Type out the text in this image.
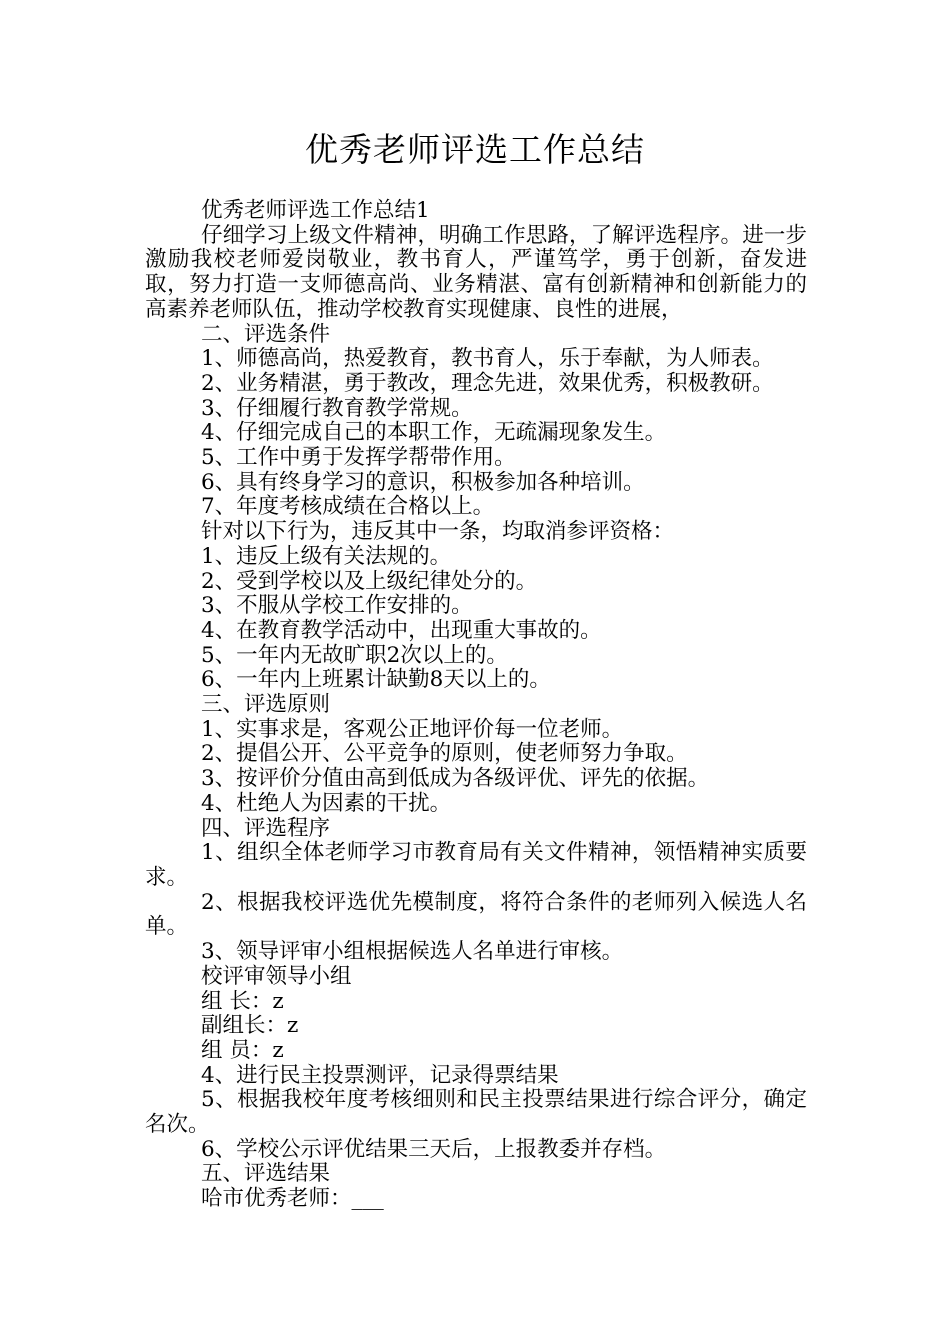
优秀老师评选工作总结

优秀老师评选工作总结1

仔细学习上级文件精神，明确工作思路，了解评选程序。进一步激励我校老师爱岗敬业，教书育人，严谨笃学，勇于创新，奋发进取，努力打造一支师德高尚、业务精湛、富有创新精神和创新能力的高素养老师队伍，推动学校教育实现健康、良性的进展，

二、评选条件

1、师德高尚，热爱教育，教书育人，乐于奉献，为人师表。

2、业务精湛，勇于教改，理念先进，效果优秀，积极教研。

3、仔细履行教育教学常规。

4、仔细完成自己的本职工作，无疏漏现象发生。

5、工作中勇于发挥学帮带作用。

6、具有终身学习的意识，积极参加各种培训。

7、年度考核成绩在合格以上。

针对以下行为，违反其中一条，均取消参评资格：

1、违反上级有关法规的。

2、受到学校以及上级纪律处分的。

3、不服从学校工作安排的。

4、在教育教学活动中，出现重大事故的。

5、一年内无故旷职2次以上的。

6、一年内上班累计缺勤8天以上的。

三、评选原则

1、实事求是，客观公正地评价每一位老师。

2、提倡公开、公平竞争的原则，使老师努力争取。

3、按评价分值由高到低成为各级评优、评先的依据。

4、杜绝人为因素的干扰。

四、评选程序

1、组织全体老师学习市教育局有关文件精神，领悟精神实质要求。

2、根据我校评选优先模制度，将符合条件的老师列入候选人名单。

3、领导评审小组根据候选人名单进行审核。

校评审领导小组

组 长：z

副组长：z

组 员：z

4、进行民主投票测评，记录得票结果

5、根据我校年度考核细则和民主投票结果进行综合评分，确定名次。

6、学校公示评优结果三天后，上报教委并存档。

五、评选结果

哈市优秀老师：___
